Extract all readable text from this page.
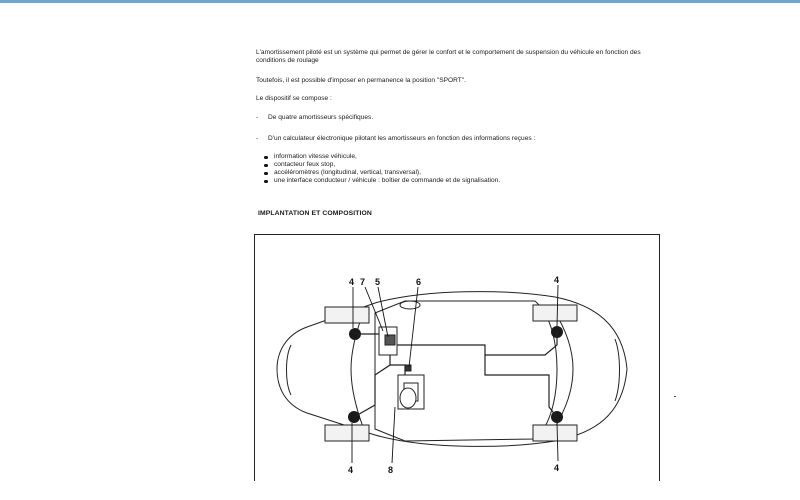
L'amortissement piloté est un système qui permet de gérer le confort et le comportement de suspension du véhicule en fonction des conditions de roulage

Toutefois, il est possible d'imposer en permanence la position "SPORT".

Le dispositif se compose :

- De quatre amortisseurs spécifiques.
- D'un calculateur électronique pilotant les amortisseurs en fonction des informations reçues :
information vitesse véhicule,
contacteur feux stop,
accéléromètres (longitudinal, vertical, transversal),
une interface conducteur / véhicule : boîtier de commande et de signalisation.
IMPLANTATION ET COMPOSITION
4 7 5	6	4
4	8	4
